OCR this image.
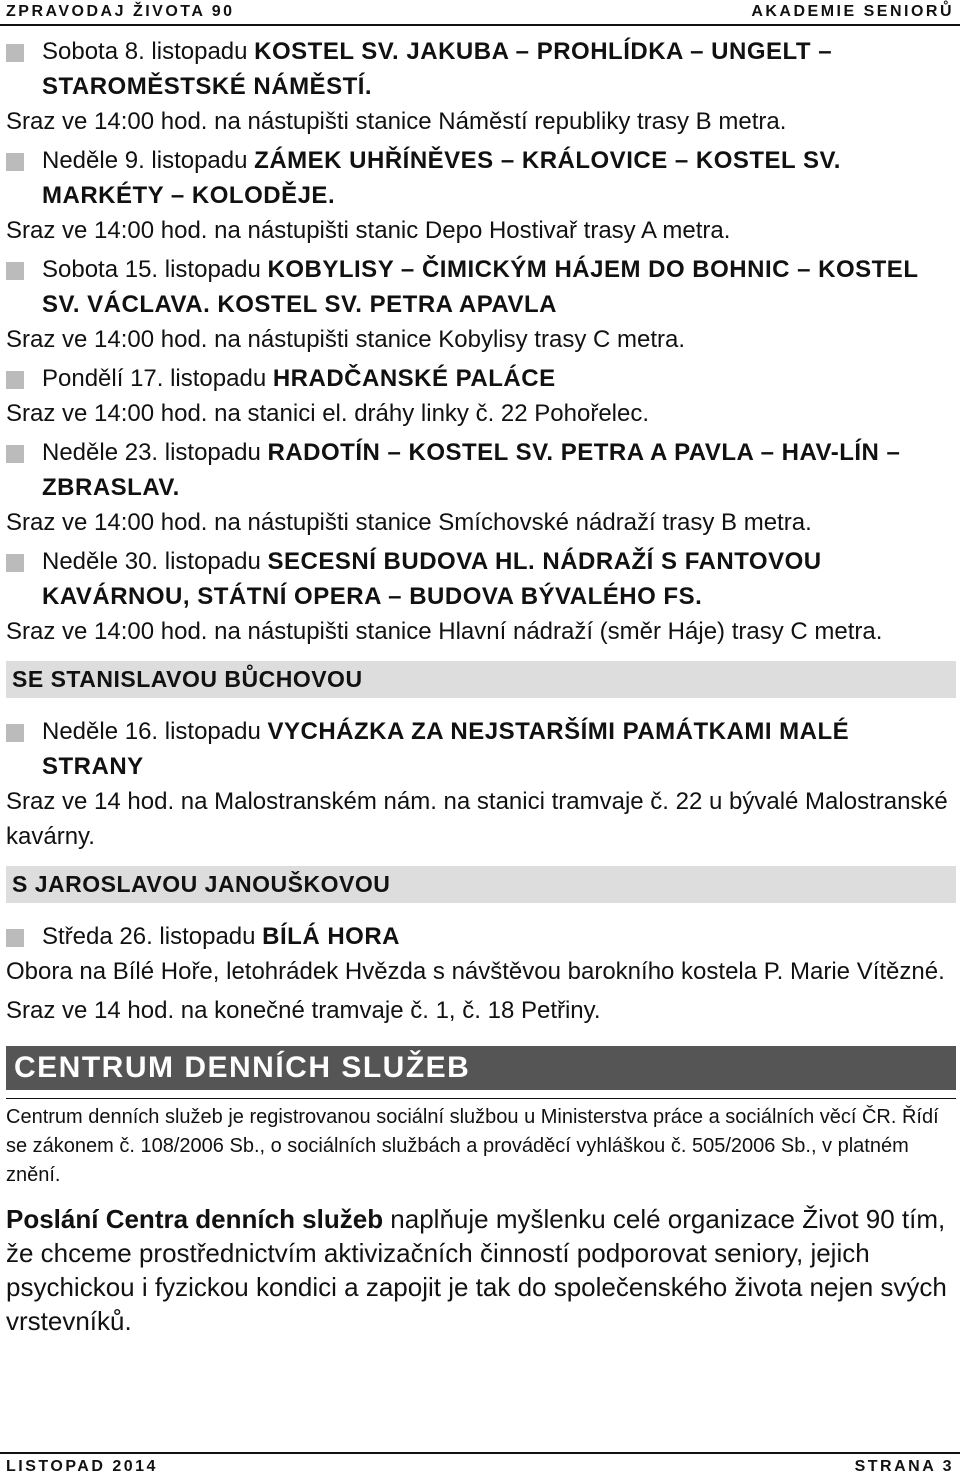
ZPRAVODAJ ŽIVOTA 90	AKADEMIE SENIORŮ
Sobota 8. listopadu KOSTEL SV. JAKUBA – PROHLÍDKA – UNGELT – STAROMĚSTSKÉ NÁMĚSTÍ.
Sraz ve 14:00 hod. na nástupišti stanice Náměstí republiky trasy B metra.
Neděle 9. listopadu ZÁMEK UHŘÍNĚVES – KRÁLOVICE – KOSTEL SV. MARKÉTY – KOLODĚJE.
Sraz ve 14:00 hod. na nástupišti stanic Depo Hostivař trasy A metra.
Sobota 15. listopadu KOBYLISY – ČIMICKÝM HÁJEM DO BOHNIC – KOSTEL SV. VÁCLAVA. KOSTEL SV. PETRA APAVLA
Sraz ve 14:00 hod. na nástupišti stanice Kobylisy trasy C metra.
Pondělí 17. listopadu HRADČANSKÉ PALÁCE
Sraz ve 14:00 hod. na stanici el. dráhy linky č. 22 Pohořelec.
Neděle 23. listopadu RADOTÍN – KOSTEL SV. PETRA A PAVLA – HAV-LÍN – ZBRASLAV.
Sraz ve 14:00 hod. na nástupišti stanice Smíchovské nádraží trasy B metra.
Neděle 30. listopadu SECESNÍ BUDOVA HL. NÁDRAŽÍ S FANTOVOU KAVÁRNOU, STÁTNÍ OPERA – BUDOVA BÝVALÉHO FS.
Sraz ve 14:00 hod. na nástupišti stanice Hlavní nádraží (směr Háje) trasy C metra.
SE STANISLAVOU BŮCHOVOU
Neděle 16. listopadu VYCHÁZKA ZA NEJSTARŠÍMI PAMÁTKAMI MALÉ STRANY
Sraz ve 14 hod. na Malostranském nám. na stanici tramvaje č. 22 u bývalé Malostranské kavárny.
S JAROSLAVOU JANOUŠKOVOU
Středa 26. listopadu BÍLÁ HORA
Obora na Bílé Hoře, letohrádek Hvězda s návštěvou barokního kostela P. Marie Vítězné.
Sraz ve 14 hod. na konečné tramvaje č. 1, č. 18 Petřiny.
CENTRUM DENNÍCH SLUŽEB
Centrum denních služeb je registrovanou sociální službou u Ministerstva práce a sociálních věcí ČR. Řídí se zákonem č. 108/2006 Sb., o sociálních službách a prováděcí vyhláškou č. 505/2006 Sb., v platném znění.
Poslání Centra denních služeb naplňuje myšlenku celé organizace Život 90 tím, že chceme prostřednictvím aktivizačních činností podporovat seniory, jejich psychickou i fyzickou kondici a zapojit je tak do společenského života nejen svých vrstevníků.
LISTOPAD 2014	STRANA 3
